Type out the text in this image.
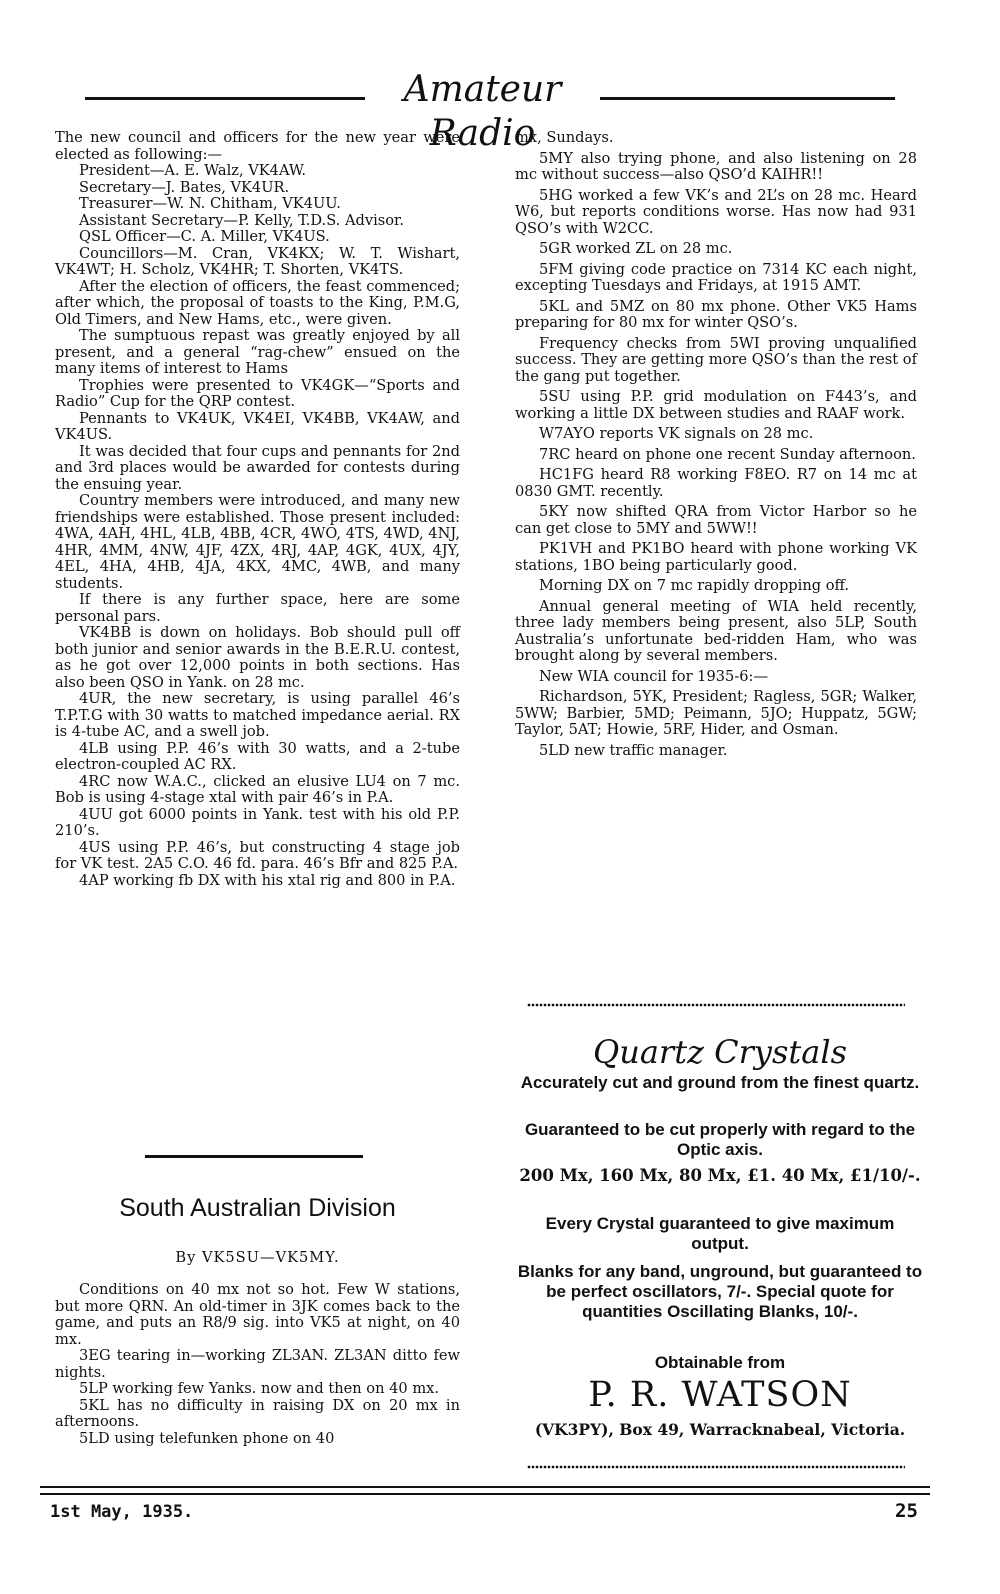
Amateur Radio

The new council and officers for the new year were elected as following:—

President—A. E. Walz, VK4AW.

Secretary—J. Bates, VK4UR.

Treasurer—W. N. Chitham, VK4UU.

Assistant Secretary—P. Kelly, T.D.S. Advisor.

QSL Officer—C. A. Miller, VK4US.

Councillors—M. Cran, VK4KX; W. T. Wishart, VK4WT; H. Scholz, VK4HR; T. Shorten, VK4TS.

After the election of officers, the feast commenced; after which, the proposal of toasts to the King, P.M.G, Old Timers, and New Hams, etc., were given.

The sumptuous repast was greatly enjoyed by all present, and a general “rag-chew” ensued on the many items of interest to Hams

Trophies were presented to VK4GK—“Sports and Radio” Cup for the QRP contest.

Pennants to VK4UK, VK4EI, VK4BB, VK4AW, and VK4US.

It was decided that four cups and pennants for 2nd and 3rd places would be awarded for contests during the ensuing year.

Country members were introduced, and many new friendships were established. Those present included: 4WA, 4AH, 4HL, 4LB, 4BB, 4CR, 4WO, 4TS, 4WD, 4NJ, 4HR, 4MM, 4NW, 4JF, 4ZX, 4RJ, 4AP, 4GK, 4UX, 4JY, 4EL, 4HA, 4HB, 4JA, 4KX, 4MC, 4WB, and many students.

If there is any further space, here are some personal pars.

VK4BB is down on holidays. Bob should pull off both junior and senior awards in the B.E.R.U. contest, as he got over 12,000 points in both sections. Has also been QSO in Yank. on 28 mc.

4UR, the new secretary, is using parallel 46’s T.P.T.G with 30 watts to matched impedance aerial. RX is 4-tube AC, and a swell job.

4LB using P.P. 46’s with 30 watts, and a 2-tube electron-coupled AC RX.

4RC now W.A.C., clicked an elusive LU4 on 7 mc. Bob is using 4-stage xtal with pair 46’s in P.A.

4UU got 6000 points in Yank. test with his old P.P. 210’s.

4US using P.P. 46’s, but constructing 4 stage job for VK test. 2A5 C.O. 46 fd. para. 46’s Bfr and 825 P.A.

4AP working fb DX with his xtal rig and 800 in P.A.

South Australian Division
By VK5SU—VK5MY.

Conditions on 40 mx not so hot. Few W stations, but more QRN. An old-timer in 3JK comes back to the game, and puts an R8/9 sig. into VK5 at night, on 40 mx.

3EG tearing in—working ZL3AN. ZL3AN ditto few nights.

5LP working few Yanks. now and then on 40 mx.

5KL has no difficulty in raising DX on 20 mx in afternoons.

5LD using telefunken phone on 40

mx, Sundays.

5MY also trying phone, and also listening on 28 mc without success—also QSO’d KAIHR!!

5HG worked a few VK’s and 2L’s on 28 mc. Heard W6, but reports conditions worse. Has now had 931 QSO’s with W2CC.

5GR worked ZL on 28 mc.

5FM giving code practice on 7314 KC each night, excepting Tuesdays and Fridays, at 1915 AMT.

5KL and 5MZ on 80 mx phone. Other VK5 Hams preparing for 80 mx for winter QSO’s.

Frequency checks from 5WI proving unqualified success. They are getting more QSO’s than the rest of the gang put together.

5SU using P.P. grid modulation on F443’s, and working a little DX between studies and RAAF work.

W7AYO reports VK signals on 28 mc.

7RC heard on phone one recent Sunday afternoon.

HC1FG heard R8 working F8EO. R7 on 14 mc at 0830 GMT. recently.

5KY now shifted QRA from Victor Harbor so he can get close to 5MY and 5WW!!

PK1VH and PK1BO heard with phone working VK stations, 1BO being particularly good.

Morning DX on 7 mc rapidly dropping off.

Annual general meeting of WIA held recently, three lady members being present, also 5LP, South Australia’s unfortunate bed-ridden Ham, who was brought along by several members.

New WIA council for 1935-6:—

Richardson, 5YK, President; Ragless, 5GR; Walker, 5WW; Barbier, 5MD; Peimann, 5JO; Huppatz, 5GW; Taylor, 5AT; Howie, 5RF, Hider, and Osman.

5LD new traffic manager.

Quartz Crystals
Accurately cut and ground from the finest quartz.
Guaranteed to be cut properly with regard to the Optic axis.
200 Mx, 160 Mx, 80 Mx, £1. 40 Mx, £1/10/-.
Every Crystal guaranteed to give maximum output.
Blanks for any band, unground, but guaranteed to be perfect oscillators, 7/-. Special quote for quantities Oscillating Blanks, 10/-.
Obtainable from
P. R. WATSON
(VK3PY), Box 49, Warracknabeal, Victoria.
1st May, 1935.	25
